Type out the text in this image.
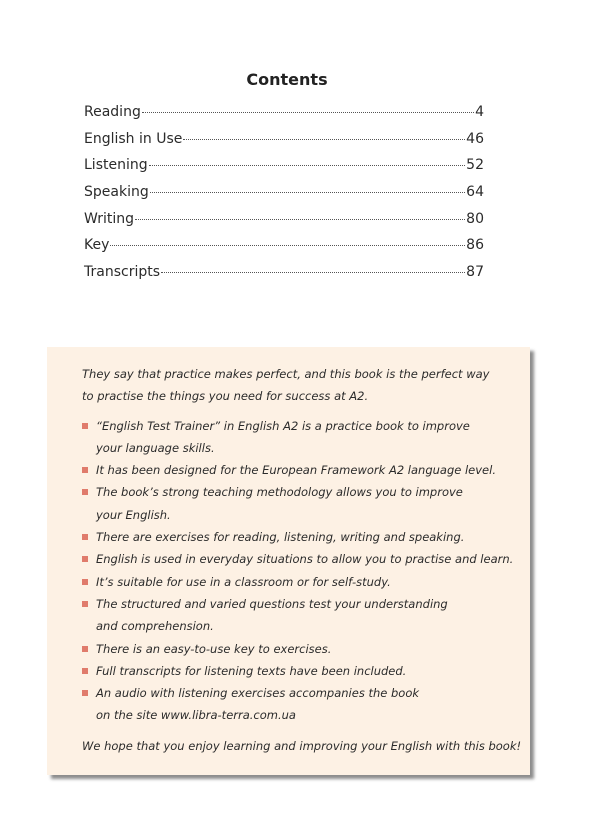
Contents
Reading	4
English in Use	46
Listening	52
Speaking	64
Writing	80
Key	86
Transcripts	87

They say that practice makes perfect, and this book is the perfect way
to practise the things you need for success at A2.

“English Test Trainer” in English A2 is a practice book to improve
your language skills.
It has been designed for the European Framework A2 language level.
The book’s strong teaching methodology allows you to improve
your English.
There are exercises for reading, listening, writing and speaking.
English is used in everyday situations to allow you to practise and learn.
It’s suitable for use in a classroom or for self-study.
The structured and varied questions test your understanding
and comprehension.
There is an easy-to-use key to exercises.
Full transcripts for listening texts have been included.
An audio with listening exercises accompanies the book
on the site www.libra-terra.com.ua

We hope that you enjoy learning and improving your English with this book!
